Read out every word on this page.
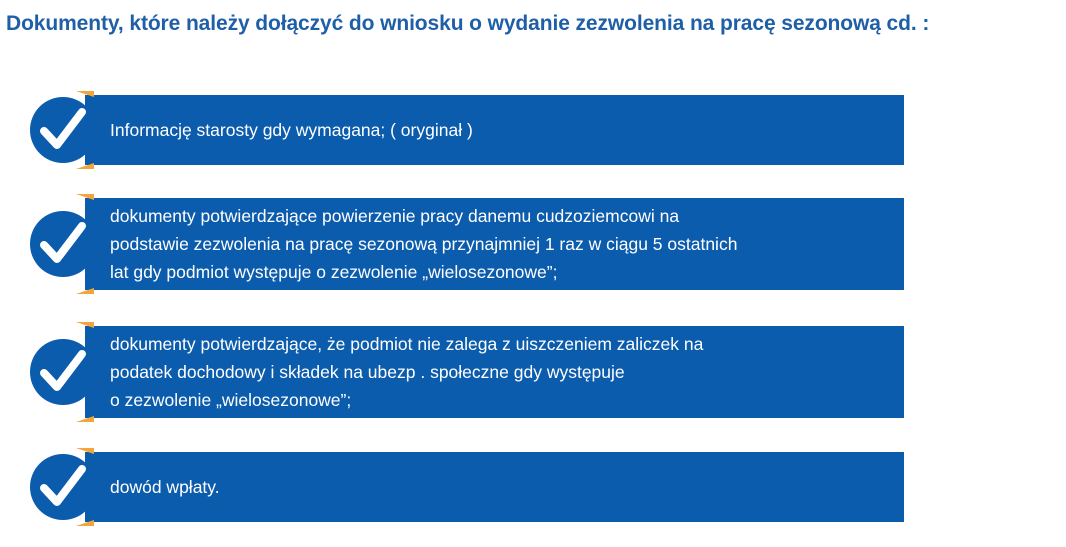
Dokumenty, które należy dołączyć do wniosku o wydanie zezwolenia na pracę sezonową cd. :
Informację starosty gdy wymagana; ( oryginał )
dokumenty potwierdzające powierzenie pracy danemu cudzoziemcowi na
podstawie zezwolenia na pracę sezonową przynajmniej 1 raz w ciągu 5 ostatnich
lat gdy podmiot występuje o zezwolenie „wielosezonowe”;
dokumenty potwierdzające, że podmiot nie zalega z uiszczeniem zaliczek na
podatek dochodowy i składek na ubezp . społeczne gdy występuje
o zezwolenie „wielosezonowe”;
dowód wpłaty.
